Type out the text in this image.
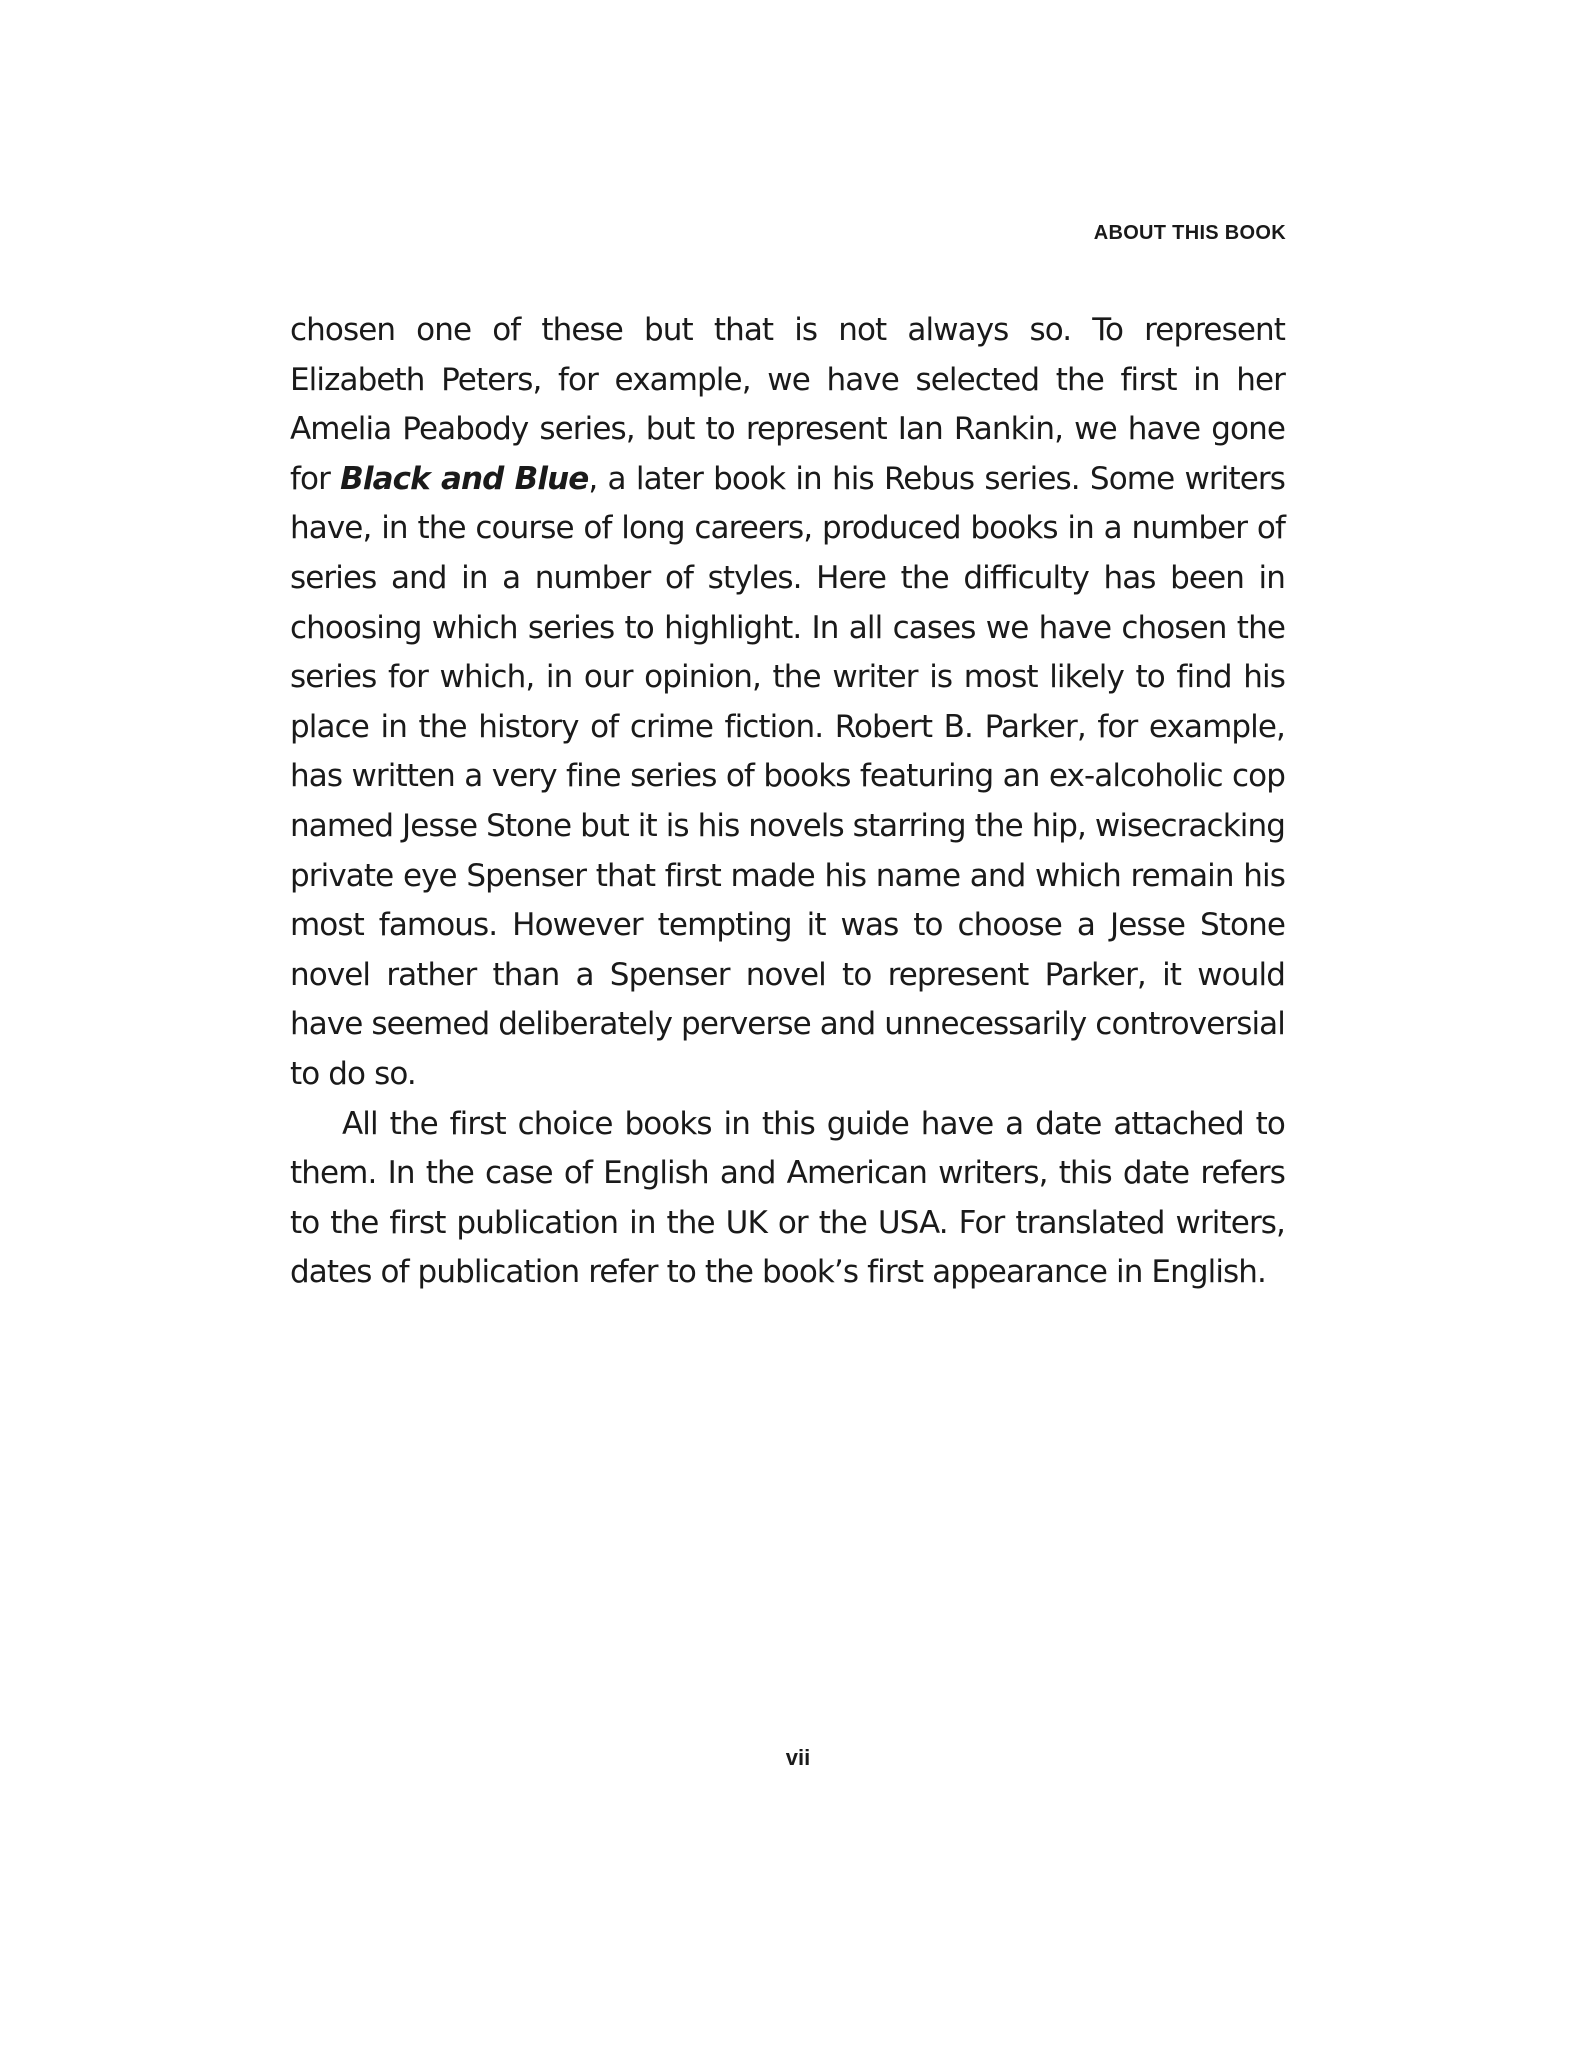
ABOUT THIS BOOK

chosen one of these but that is not always so. To represent Elizabeth Peters, for example, we have selected the first in her Amelia Peabody series, but to represent Ian Rankin, we have gone for Black and Blue, a later book in his Rebus series. Some writers have, in the course of long careers, produced books in a number of series and in a number of styles. Here the difficulty has been in choosing which series to highlight. In all cases we have chosen the series for which, in our opinion, the writer is most likely to find his place in the history of crime fiction. Robert B. Parker, for example, has written a very fine series of books featuring an ex-alcoholic cop named Jesse Stone but it is his novels starring the hip, wisecracking private eye Spenser that first made his name and which remain his most famous. However tempting it was to choose a Jesse Stone novel rather than a Spenser novel to represent Parker, it would have seemed deliberately perverse and unnecessarily controversial to do so.

All the first choice books in this guide have a date attached to them. In the case of English and American writers, this date refers to the first publication in the UK or the USA. For translated writers, dates of publication refer to the book’s first appearance in English.

vii
